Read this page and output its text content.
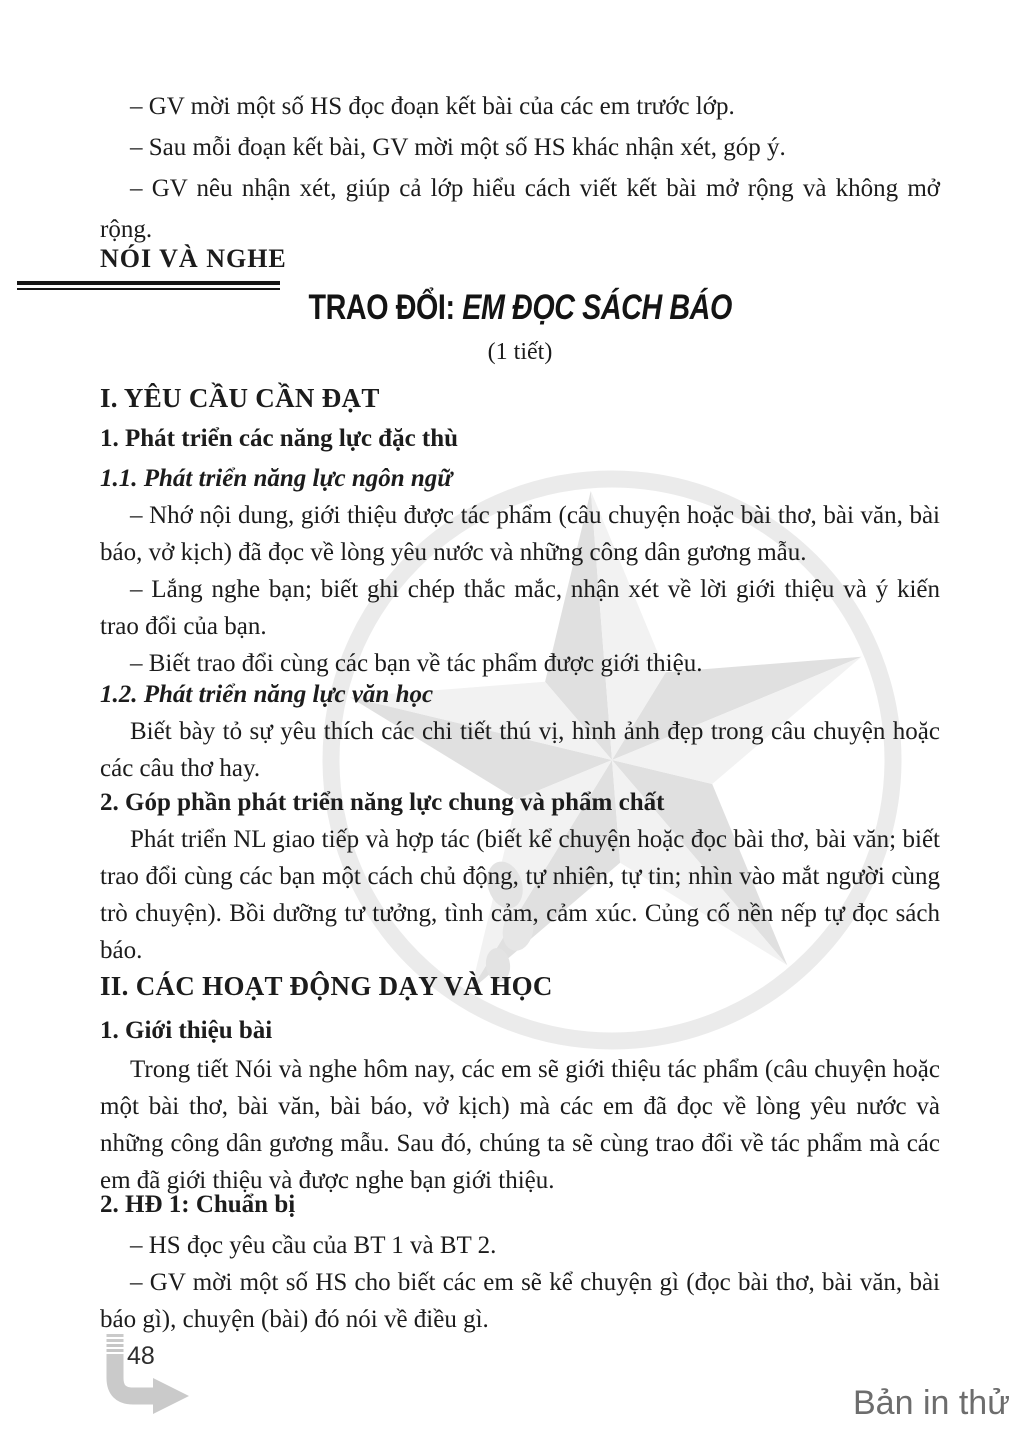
– GV mời một số HS đọc đoạn kết bài của các em trước lớp.

– Sau mỗi đoạn kết bài, GV mời một số HS khác nhận xét, góp ý.

– GV nêu nhận xét, giúp cả lớp hiểu cách viết kết bài mở rộng và không mở rộng.

NÓI VÀ NGHE
TRAO ĐỔI: EM ĐỌC SÁCH BÁO

(1 tiết)

I. YÊU CẦU CẦN ĐẠT
1. Phát triển các năng lực đặc thù
1.1. Phát triển năng lực ngôn ngữ

– Nhớ nội dung, giới thiệu được tác phẩm (câu chuyện hoặc bài thơ, bài văn, bài báo, vở kịch) đã đọc về lòng yêu nước và những công dân gương mẫu.

– Lắng nghe bạn; biết ghi chép thắc mắc, nhận xét về lời giới thiệu và ý kiến trao đổi của bạn.

– Biết trao đổi cùng các bạn về tác phẩm được giới thiệu.

1.2. Phát triển năng lực văn học

Biết bày tỏ sự yêu thích các chi tiết thú vị, hình ảnh đẹp trong câu chuyện hoặc các câu thơ hay.

2. Góp phần phát triển năng lực chung và phẩm chất

Phát triển NL giao tiếp và hợp tác (biết kể chuyện hoặc đọc bài thơ, bài văn; biết trao đổi cùng các bạn một cách chủ động, tự nhiên, tự tin; nhìn vào mắt người cùng trò chuyện). Bồi dưỡng tư tưởng, tình cảm, cảm xúc. Củng cố nền nếp tự đọc sách báo.

II. CÁC HOẠT ĐỘNG DẠY VÀ HỌC
1. Giới thiệu bài

Trong tiết Nói và nghe hôm nay, các em sẽ giới thiệu tác phẩm (câu chuyện hoặc một bài thơ, bài văn, bài báo, vở kịch) mà các em đã đọc về lòng yêu nước và những công dân gương mẫu. Sau đó, chúng ta sẽ cùng trao đổi về tác phẩm mà các em đã giới thiệu và được nghe bạn giới thiệu.

2. HĐ 1: Chuẩn bị

– HS đọc yêu cầu của BT 1 và BT 2.

– GV mời một số HS cho biết các em sẽ kể chuyện gì (đọc bài thơ, bài văn, bài báo gì), chuyện (bài) đó nói về điều gì.

48
Bản in thử
